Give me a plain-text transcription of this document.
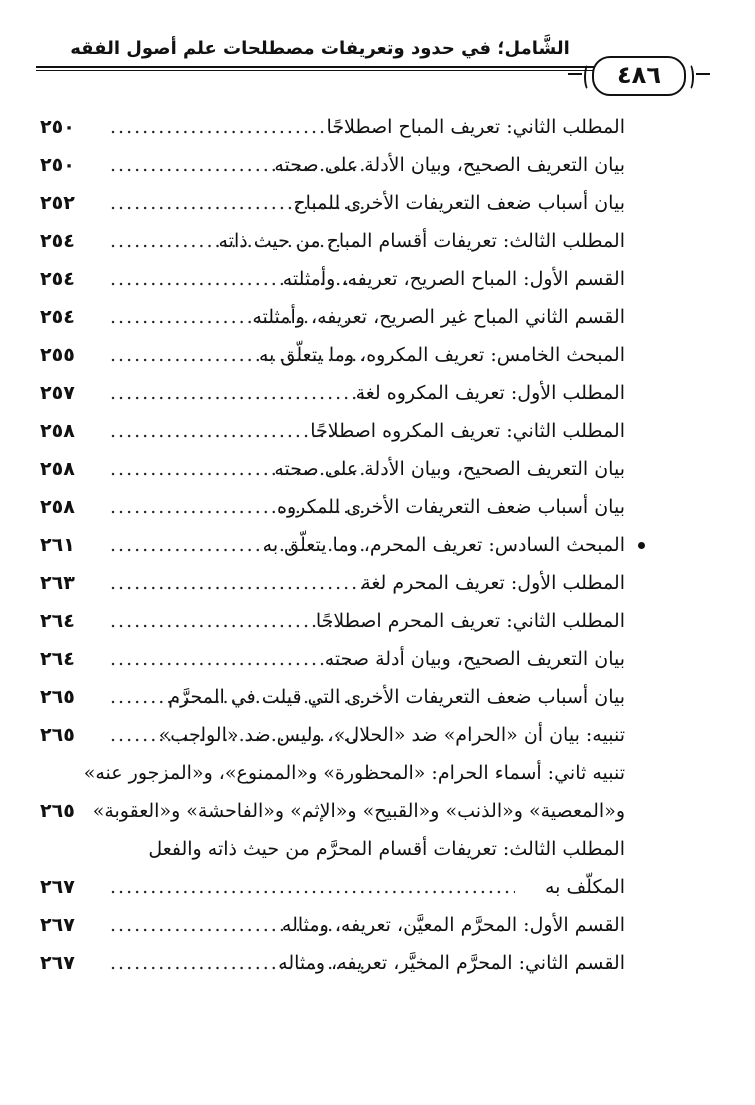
الشَّامل؛ في حدود وتعريفات مصطلحات علم أصول الفقه
٤٨٦
المطلب الثاني: تعريف المباح اصطلاحًا
.....
٢٥٠
بيان التعريف الصحيح، وبيان الأدلة على صحته
.....
٢٥٠
بيان أسباب ضعف التعريفات الأخرى للمباح
.....
٢٥٢
المطلب الثالث: تعريفات أقسام المباح من حيث ذاته
.....
٢٥٤
القسم الأول: المباح الصريح، تعريفه، وأمثلته
.....
٢٥٤
القسم الثاني المباح غير الصريح، تعريفه، وأمثلته
.....
٢٥٤
المبحث الخامس: تعريف المكروه، وما يتعلّق به
.....
٢٥٥
المطلب الأول: تعريف المكروه لغة
.....
٢٥٧
المطلب الثاني: تعريف المكروه اصطلاحًا
.....
٢٥٨
بيان التعريف الصحيح، وبيان الأدلة على صحته
.....
٢٥٨
بيان أسباب ضعف التعريفات الأخرى للمكروه
.....
٢٥٨
المبحث السادس: تعريف المحرم، وما يتعلّق به
.....
٢٦١
المطلب الأول: تعريف المحرم لغة
.....
٢٦٣
المطلب الثاني: تعريف المحرم اصطلاحًا
.....
٢٦٤
بيان التعريف الصحيح، وبيان أدلة صحته
.....
٢٦٤
بيان أسباب ضعف التعريفات الأخرى التي قيلت في المحرَّم
.....
٢٦٥
تنبيه: بيان أن «الحرام» ضد «الحلال»، وليس ضد «الواجب»
.....
٢٦٥
تنبيه ثاني: أسماء الحرام: «المحظورة» و«الممنوع»، و«المزجور عنه»
و«المعصية» و«الذنب» و«القبيح» و«الإثم» و«الفاحشة» و«العقوبة»
٢٦٥
المطلب الثالث: تعريفات أقسام المحرَّم من حيث ذاته والفعل
المكلّف به
.....
٢٦٧
القسم الأول: المحرَّم المعيَّن، تعريفه، ومثاله
.....
٢٦٧
القسم الثاني: المحرَّم المخيَّر، تعريفه، ومثاله
.....
٢٦٧
